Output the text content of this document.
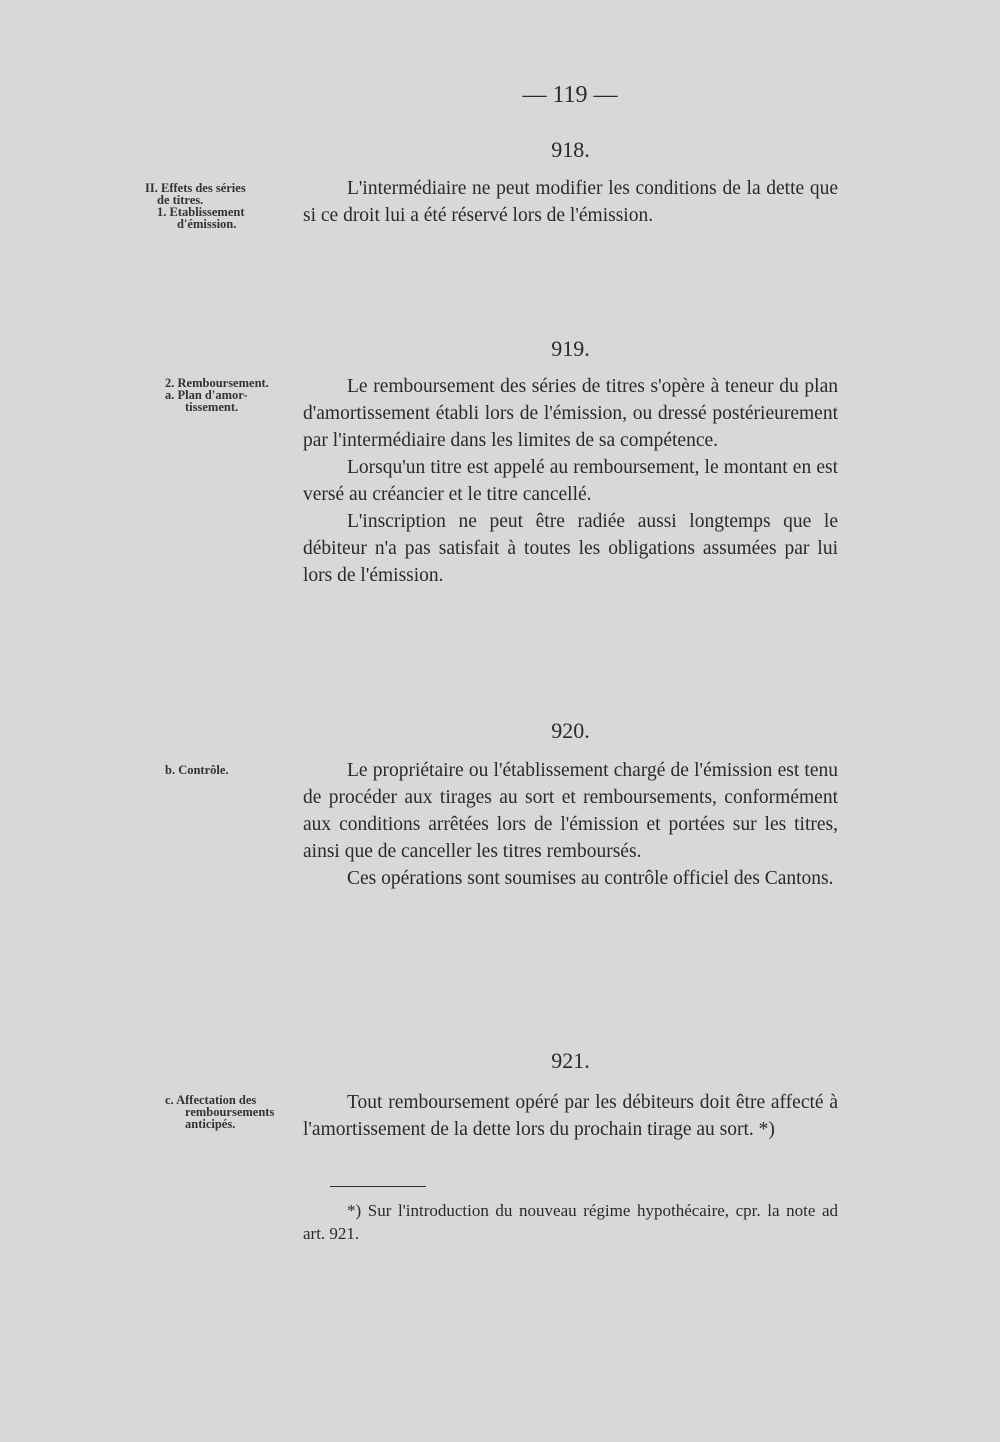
— 119 —
918.
II. Effets des séries
de titres.
1. Etablissement
d'émission.

L'intermédiaire ne peut modifier les conditions de la dette que si ce droit lui a été réservé lors de l'émission.

919.
2. Remboursement.
a. Plan d'amor-
tissement.

Le remboursement des séries de titres s'opère à teneur du plan d'amortissement établi lors de l'émission, ou dressé postérieurement par l'intermédiaire dans les limites de sa compétence.

Lorsqu'un titre est appelé au remboursement, le montant en est versé au créancier et le titre cancellé.

L'inscription ne peut être radiée aussi longtemps que le débiteur n'a pas satisfait à toutes les obligations assumées par lui lors de l'émission.

920.
b. Contrôle.	Le propriétaire ou l'établissement chargé de l'émission est tenu de procéder aux tirages au sort et remboursements, conformément aux conditions arrêtées lors de l'émission et portées sur les titres, ainsi que de canceller les titres remboursés.

Ces opérations sont soumises au contrôle officiel des Cantons.

921.
c. Affectation des
remboursements
anticipés.

Tout remboursement opéré par les débiteurs doit être affecté à l'amortissement de la dette lors du prochain tirage au sort. *)

*) Sur l'introduction du nouveau régime hypothécaire, cpr. la note ad art. 921.
